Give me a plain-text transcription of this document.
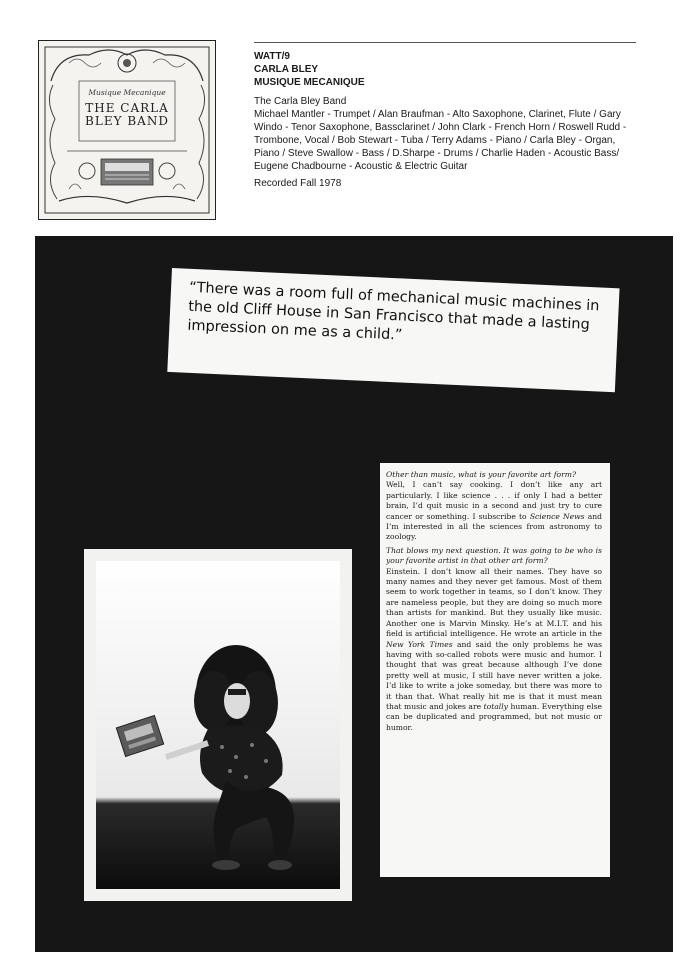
Musique Mecanique
THE CARLA BLEY BAND
WATT/9
CARLA BLEY
MUSIQUE MECANIQUE
The Carla Bley Band
Michael Mantler - Trumpet / Alan Braufman - Alto Saxophone, Clarinet, Flute / Gary Windo - Tenor Saxophone, Bassclarinet / John Clark - French Horn / Roswell Rudd - Trombone, Vocal / Bob Stewart - Tuba / Terry Adams - Piano / Carla Bley - Organ, Piano / Steve Swallow - Bass / D.Sharpe - Drums / Charlie Haden - Acoustic Bass/ Eugene Chadbourne - Acoustic & Electric Guitar
Recorded Fall 1978

“There was a room full of mechanical music machines in the old Cliff House in San Francisco that made a lasting impression on me as a child.”

Other than music, what is your favorite art form?

Well, I can’t say cooking. I don’t like any art particularly. I like science . . . if only I had a better brain, I’d quit music in a second and just try to cure cancer or something. I subscribe to Science News and I’m interested in all the sciences from astronomy to zoology.

That blows my next question. It was going to be who is your favorite artist in that other art form?

Einstein. I don’t know all their names. They have so many names and they never get famous. Most of them seem to work together in teams, so I don’t know. They are nameless people, but they are doing so much more than artists for mankind. But they usually like music. Another one is Marvin Minsky. He’s at M.I.T. and his field is artificial intelligence. He wrote an article in the New York Times and said the only problems he was having with so-called robots were music and humor. I thought that was great because although I’ve done pretty well at music, I still have never written a joke. I’d like to write a joke someday, but there was more to it than that. What really hit me is that it must mean that music and jokes are totally human. Everything else can be duplicated and programmed, but not music or humor.
